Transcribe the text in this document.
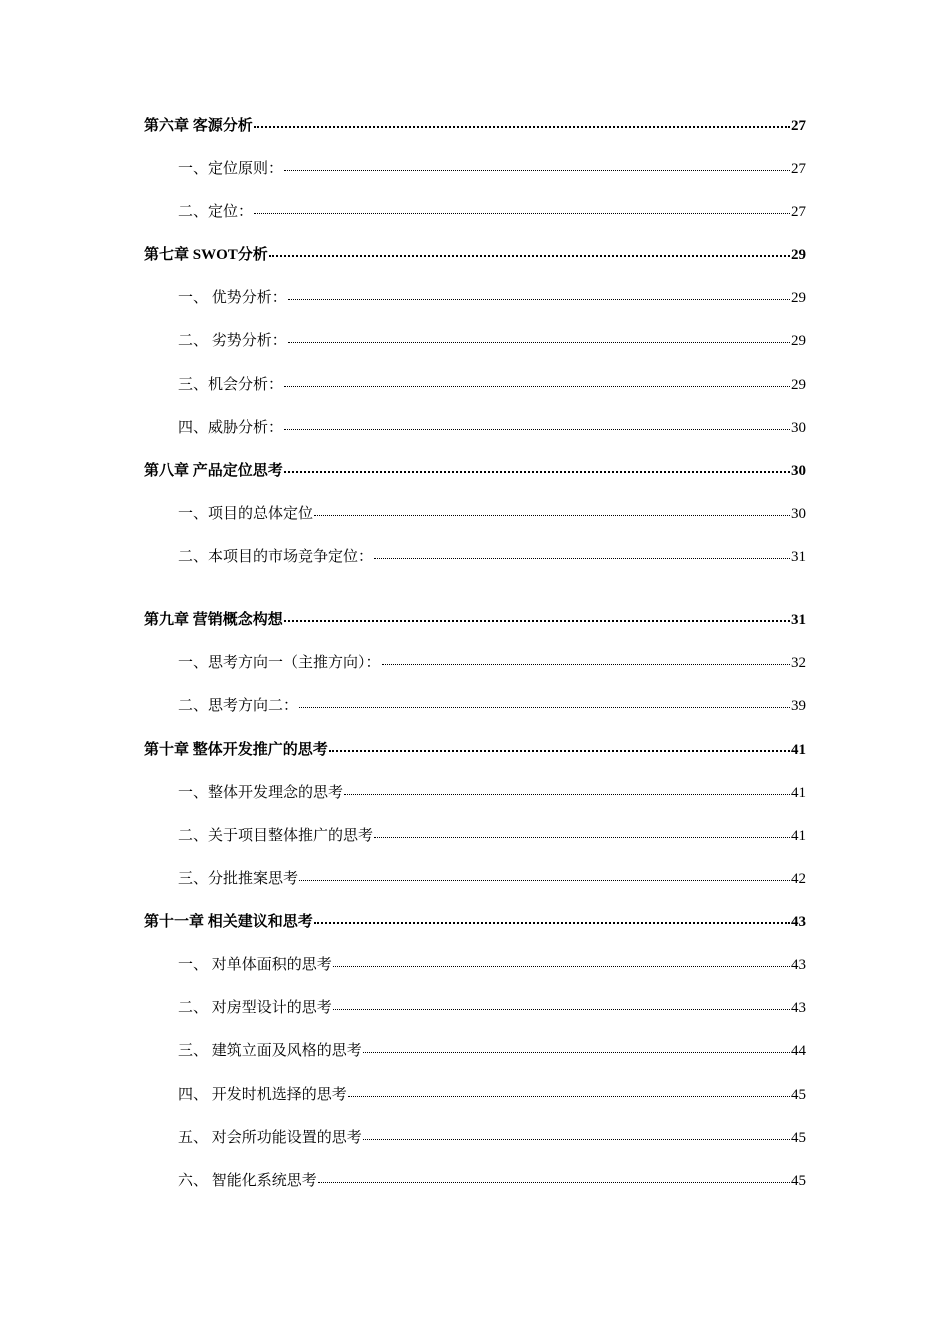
第六章 客源分析	27
一、定位原则：	27
二、定位：	27
第七章 SWOT分析	29
一、 优势分析：	29
二、 劣势分析：	29
三、机会分析：	29
四、威胁分析：	30
第八章 产品定位思考	30
一、项目的总体定位	30
二、本项目的市场竞争定位：	31
第九章 营销概念构想	31
一、思考方向一（主推方向）：	32
二、思考方向二：	39
第十章 整体开发推广的思考	41
一、整体开发理念的思考	41
二、关于项目整体推广的思考	41
三、分批推案思考	42
第十一章 相关建议和思考	43
一、 对单体面积的思考	43
二、 对房型设计的思考	43
三、 建筑立面及风格的思考	44
四、 开发时机选择的思考	45
五、 对会所功能设置的思考	45
六、 智能化系统思考	45
